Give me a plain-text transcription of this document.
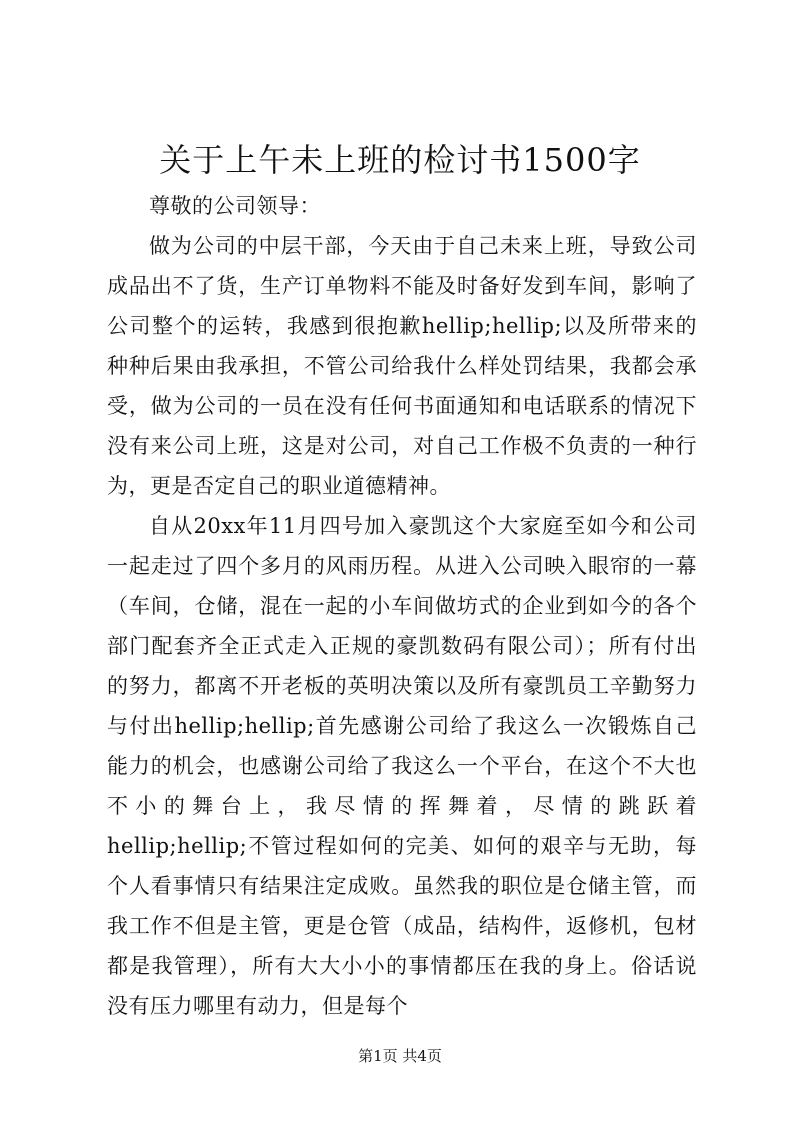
关于上午未上班的检讨书1500字

尊敬的公司领导：

做为公司的中层干部，今天由于自己未来上班，导致公司成品出不了货，生产订单物料不能及时备好发到车间，影响了公司整个的运转，我感到很抱歉hellip;hellip;以及所带来的种种后果由我承担，不管公司给我什么样处罚结果，我都会承受，做为公司的一员在没有任何书面通知和电话联系的情况下没有来公司上班，这是对公司，对自己工作极不负责的一种行为，更是否定自己的职业道德精神。

自从20xx年11月四号加入豪凯这个大家庭至如今和公司一起走过了四个多月的风雨历程。从进入公司映入眼帘的一幕（车间，仓储，混在一起的小车间做坊式的企业到如今的各个部门配套齐全正式走入正规的豪凯数码有限公司）；所有付出的努力，都离不开老板的英明决策以及所有豪凯员工辛勤努力与付出hellip;hellip;首先感谢公司给了我这么一次锻炼自己能力的机会，也感谢公司给了我这么一个平台，在这个不大也不小的舞台上，我尽情的挥舞着，尽情的跳跃着hellip;hellip;不管过程如何的完美、如何的艰辛与无助，每个人看事情只有结果注定成败。虽然我的职位是仓储主管，而我工作不但是主管，更是仓管（成品，结构件，返修机，包材都是我管理），所有大大小小的事情都压在我的身上。俗话说没有压力哪里有动力，但是每个

第1页 共4页
